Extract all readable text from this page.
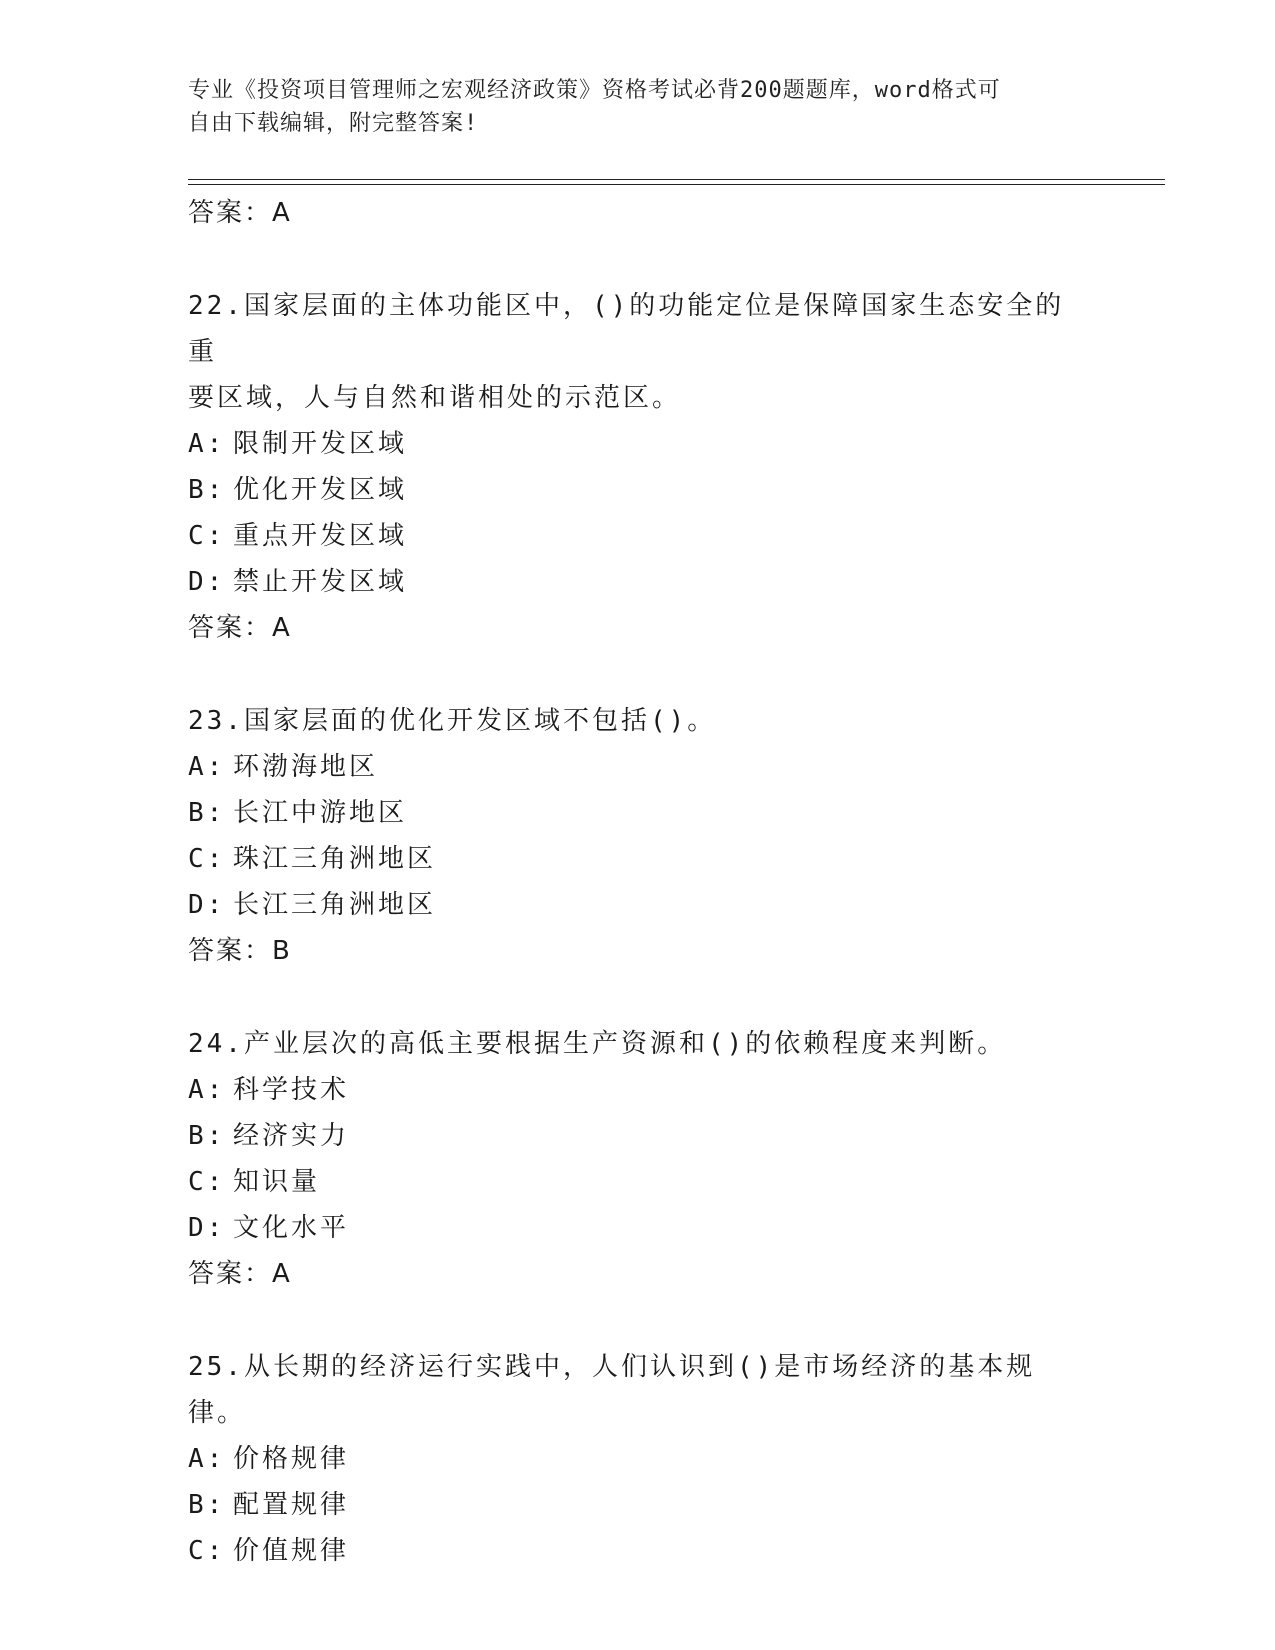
专业《投资项目管理师之宏观经济政策》资格考试必背200题题库，word格式可
自由下载编辑，附完整答案!
答案：A
22.国家层面的主体功能区中，()的功能定位是保障国家生态安全的重
要区域，人与自然和谐相处的示范区。
A: 限制开发区域
B: 优化开发区域
C: 重点开发区域
D: 禁止开发区域
答案：A
23.国家层面的优化开发区域不包括()。
A: 环渤海地区
B: 长江中游地区
C: 珠江三角洲地区
D: 长江三角洲地区
答案：B
24.产业层次的高低主要根据生产资源和()的依赖程度来判断。
A: 科学技术
B: 经济实力
C: 知识量
D: 文化水平
答案：A
25.从长期的经济运行实践中，人们认识到()是市场经济的基本规律。
A: 价格规律
B: 配置规律
C: 价值规律
